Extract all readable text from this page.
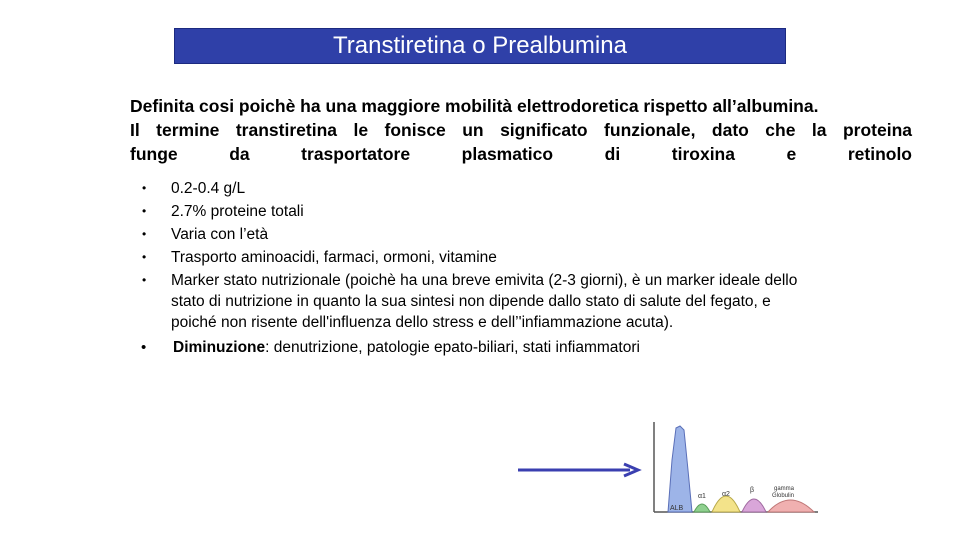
Transtiretina o Prealbumina
Definita cosi poichè ha una maggiore mobilità elettrodoretica rispetto all’albumina.
Il termine transtiretina le fonisce un significato funzionale, dato che la proteina
funge da trasportatore plasmatico di tiroxina e retinolo
• 0.2-0.4 g/L
• 2.7% proteine totali
• Varia con l’età
• Trasporto aminoacidi, farmaci, ormoni, vitamine
• Marker stato nutrizionale (poichè ha una breve emivita (2-3 giorni), è un marker ideale dello stato di nutrizione in quanto la sua sintesi non dipende dallo stato di salute del fegato, e poiché non risente dell'influenza dello stress e dell’'infiammazione acuta).
• Diminuzione: denutrizione, patologie epato-biliari, stati infiammatori
ALB
α1 α2
β	gamma
Globulin
